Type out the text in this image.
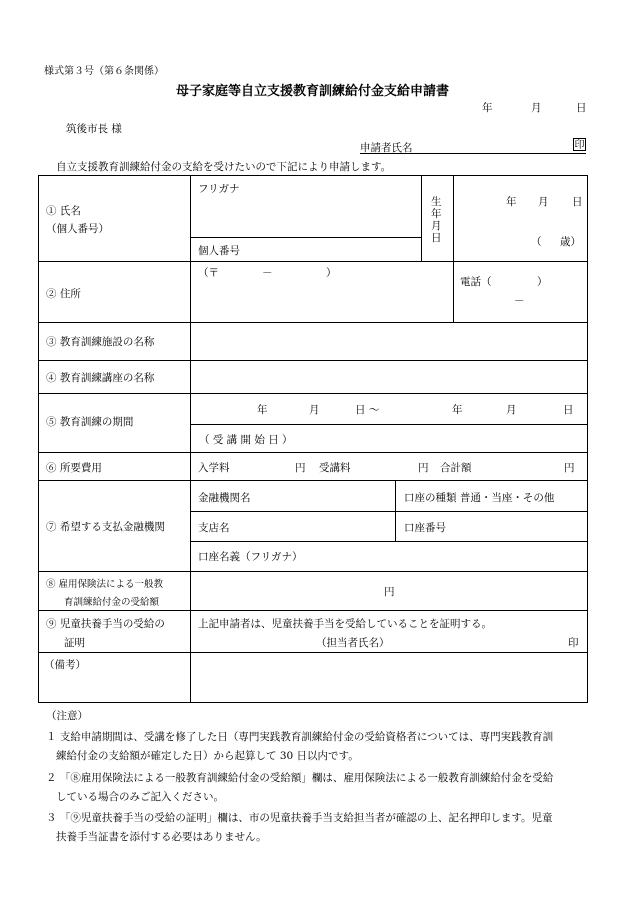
様式第３号（第６条関係）
母子家庭等自立支援教育訓練給付金支給申請書
年	月	日
筑後市長 様
申請者氏名	印
自立支援教育訓練給付金の支給を受けたいので下記により申請します。
① 氏名
（個人番号）
フリガナ
個人番号
生
年
月
日
年 月 日
（ 歳）
② 住所
（〒	－	）
電話（	）
－
③ 教育訓練施設の名称
④ 教育訓練講座の名称
⑤ 教育訓練の期間
年	月	日 ～	年	月	日
（ 受 講 開 始 日 ）
⑥ 所要費用	入学料	円 受講料	円 合計額	円
⑦ 希望する支払金融機関
金融機関名	口座の種類 普通・当座・その他
支店名	口座番号
口座名義（フリガナ）
⑧ 雇用保険法による一般教
育訓練給付金の受給額
円
⑨ 児童扶養手当の受給の
証明
上記申請者は、児童扶養手当を受給していることを証明する。
（担当者氏名）	印
（備考）
（注意）
１ 支給申請期間は、受講を修了した日（専門実践教育訓練給付金の受給資格者については、専門実践教育訓
練給付金の支給額が確定した日）から起算して 30 日以内です。
２ 「⑧雇用保険法による一般教育訓練給付金の受給額」欄は、雇用保険法による一般教育訓練給付金を受給
している場合のみご記入ください。
３ 「⑨児童扶養手当の受給の証明」欄は、市の児童扶養手当支給担当者が確認の上、記名押印します。児童
扶養手当証書を添付する必要はありません。
